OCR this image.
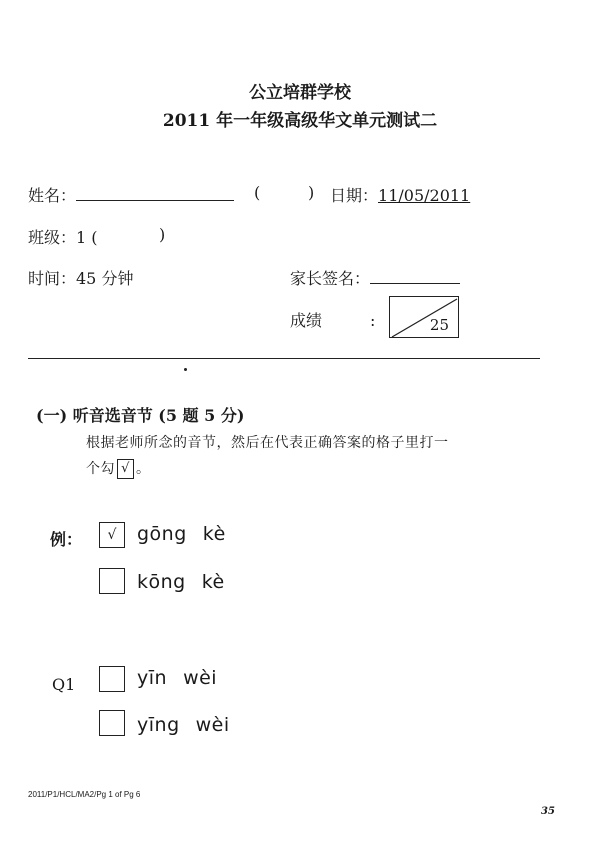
公立培群学校
2011 年一年级高级华文单元测试二
姓名：	(	) 日期：11/05/2011
班级：1 (	)
时间：45 分钟	家长签名：
成绩	:	25
(一) 听音选音节 (5 题 5 分)
根据老师所念的音节，然后在代表正确答案的格子里打一
个勾 √ 。
例：	√	gōng kè
kōng kè
Q1	yīn wèi
yīng wèi
2011/P1/HCL/MA2/Pg 1 of Pg 6
35
